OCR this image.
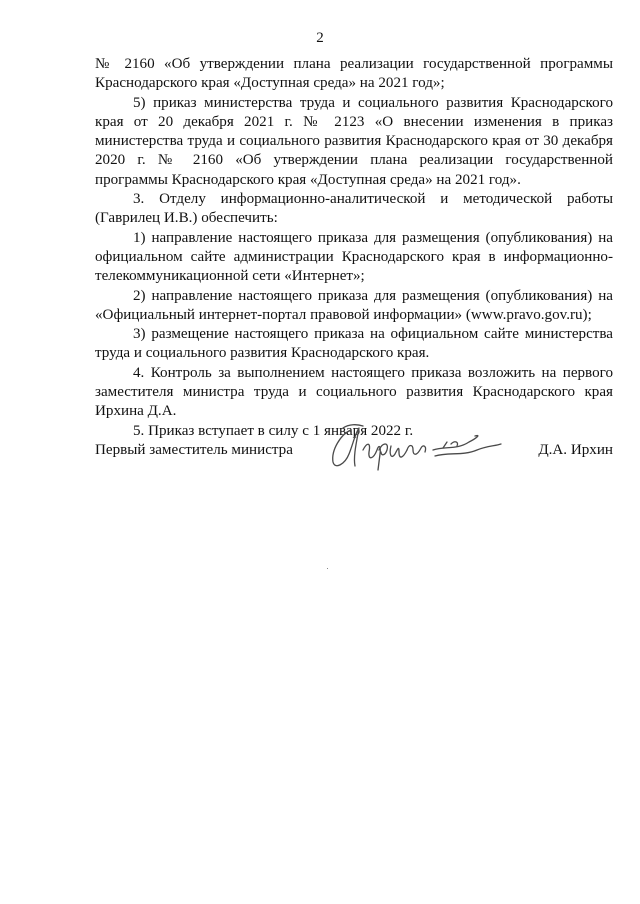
2

№ 2160 «Об утверждении плана реализации государственной программы Краснодарского края «Доступная среда» на 2021 год»;

5) приказ министерства труда и социального развития Краснодарского края от 20 декабря 2021 г. № 2123 «О внесении изменения в приказ министерства труда и социального развития Краснодарского края от 30 декабря 2020 г. № 2160 «Об утверждении плана реализации государственной программы Краснодарского края «Доступная среда» на 2021 год».

3. Отделу информационно-аналитической и методической работы (Гаврилец И.В.) обеспечить:

1) направление настоящего приказа для размещения (опубликования) на официальном сайте администрации Краснодарского края в информационно-телекоммуникационной сети «Интернет»;

2) направление настоящего приказа для размещения (опубликования) на «Официальный интернет-портал правовой информации» (www.pravo.gov.ru);

3) размещение настоящего приказа на официальном сайте министерства труда и социального развития Краснодарского края.

4. Контроль за выполнением настоящего приказа возложить на первого заместителя министра труда и социального развития Краснодарского края Ирхина Д.А.

5. Приказ вступает в силу с 1 января 2022 г.

Первый заместитель министра	Д.А. Ирхин
